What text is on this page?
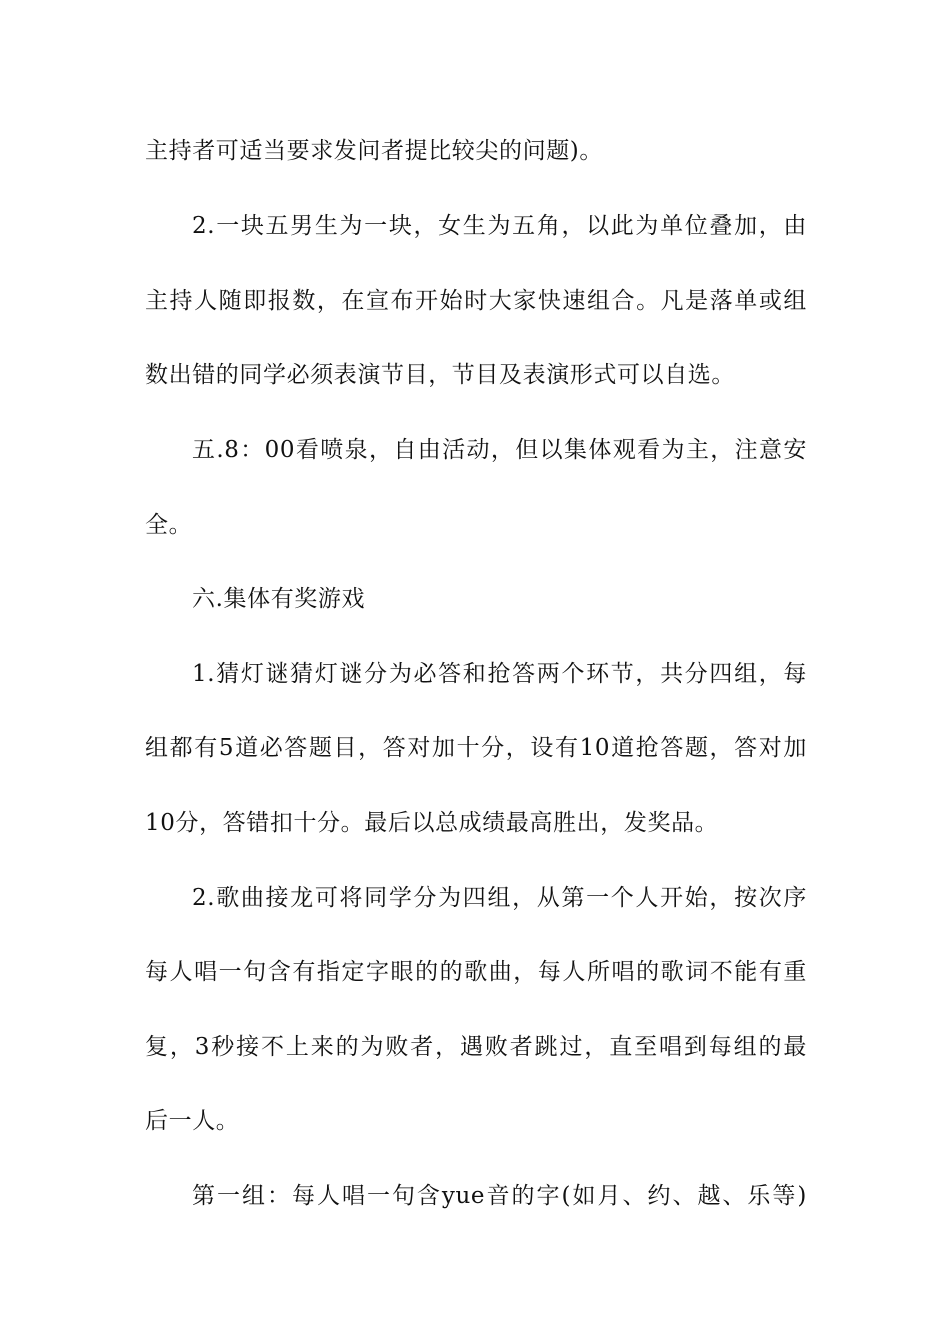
主持者可适当要求发问者提比较尖的问题)。

2.一块五男生为一块，女生为五角，以此为单位叠加，由

主持人随即报数，在宣布开始时大家快速组合。凡是落单或组

数出错的同学必须表演节目，节目及表演形式可以自选。

五.8：00看喷泉，自由活动，但以集体观看为主，注意安

全。

六.集体有奖游戏

1.猜灯谜猜灯谜分为必答和抢答两个环节，共分四组，每

组都有5道必答题目，答对加十分，设有10道抢答题，答对加

10分，答错扣十分。最后以总成绩最高胜出，发奖品。

2.歌曲接龙可将同学分为四组，从第一个人开始，按次序

每人唱一句含有指定字眼的的歌曲，每人所唱的歌词不能有重

复，3秒接不上来的为败者，遇败者跳过，直至唱到每组的最

后一人。

第一组：每人唱一句含yue音的字(如月、约、越、乐等)
